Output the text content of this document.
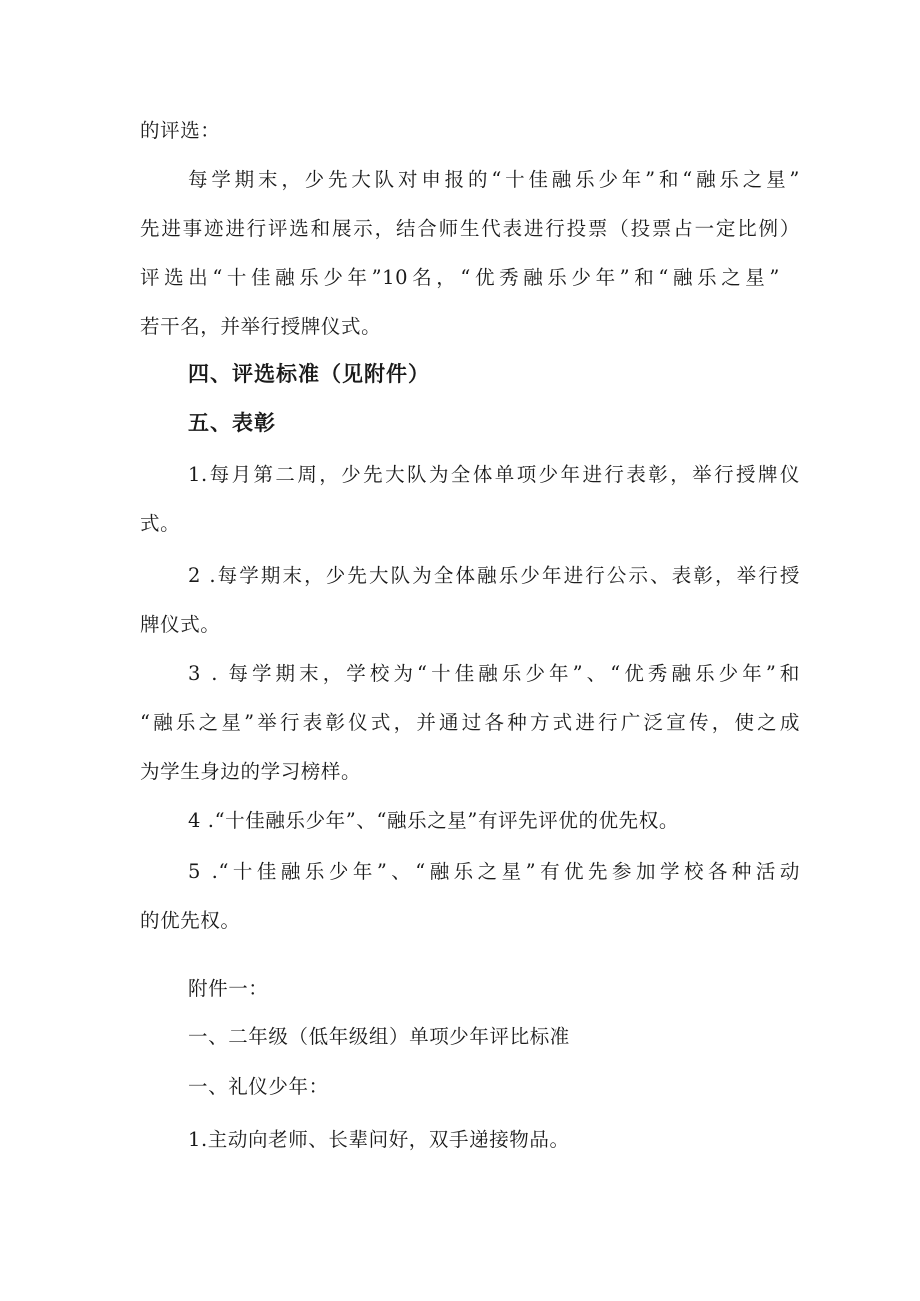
的评选：
每学期末，少先大队对申报的“十佳融乐少年”和“融乐之星”
先进事迹进行评选和展示，结合师生代表进行投票（投票占一定比例）
评选出“十佳融乐少年”10名，“优秀融乐少年”和“融乐之星”
若干名，并举行授牌仪式。
四、评选标准（见附件）
五、表彰
1.每月第二周，少先大队为全体单项少年进行表彰，举行授牌仪
式。
2 .每学期末，少先大队为全体融乐少年进行公示、表彰，举行授
牌仪式。
3 . 每学期末，学校为“十佳融乐少年”、“优秀融乐少年”和
“融乐之星”举行表彰仪式，并通过各种方式进行广泛宣传，使之成
为学生身边的学习榜样。
4 .“十佳融乐少年”、“融乐之星”有评先评优的优先权。
5 .“十佳融乐少年”、“融乐之星”有优先参加学校各种活动
的优先权。
附件一：
一、二年级（低年级组）单项少年评比标准
一、礼仪少年：
1.主动向老师、长辈问好，双手递接物品。
